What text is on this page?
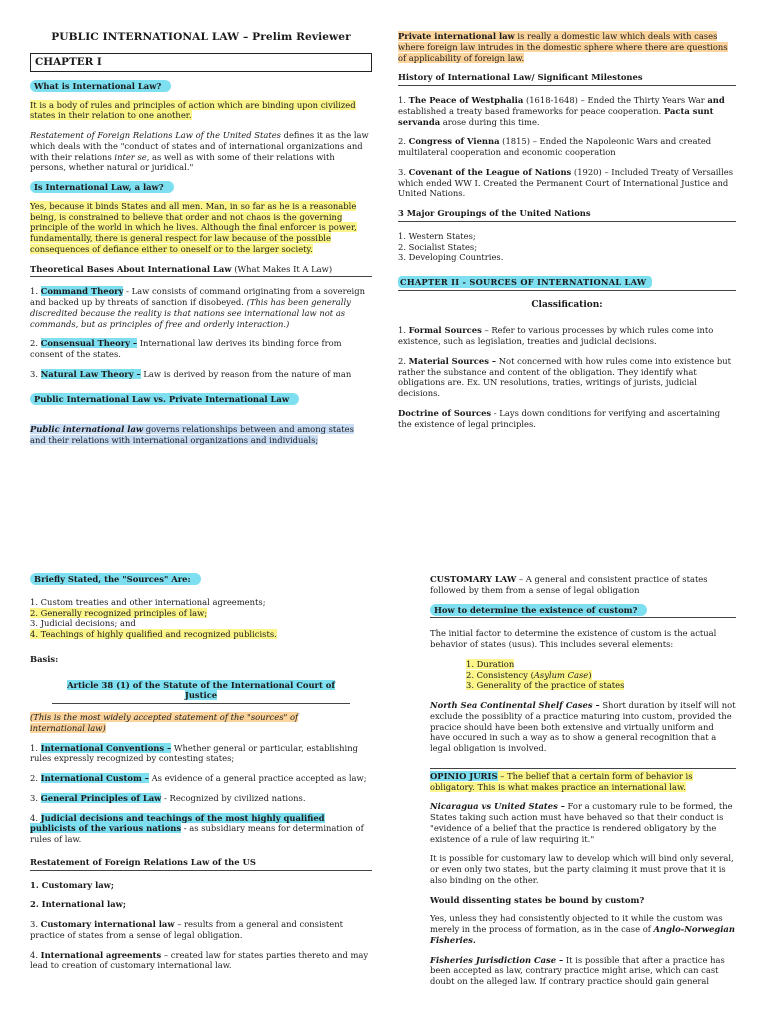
PUBLIC INTERNATIONAL LAW – Prelim Reviewer
CHAPTER I
What is International Law?

It is a body of rules and principles of action which are binding upon civilized states in their relation to one another.

Restatement of Foreign Relations Law of the United States defines it as the law which deals with the "conduct of states and of international organizations and with their relations inter se, as well as with some of their relations with persons, whether natural or juridical."

Is International Law, a law?

Yes, because it binds States and all men. Man, in so far as he is a reasonable being, is constrained to believe that order and not chaos is the governing principle of the world in which he lives. Although the final enforcer is power, fundamentally, there is general respect for law because of the possible consequences of defiance either to oneself or to the larger society.

Theoretical Bases About International Law (What Makes It A Law)

1. Command Theory - Law consists of command originating from a sovereign and backed up by threats of sanction if disobeyed. (This has been generally discredited because the reality is that nations see international law not as commands, but as principles of free and orderly interaction.)

2. Consensual Theory – International law derives its binding force from consent of the states.

3. Natural Law Theory – Law is derived by reason from the nature of man

Public International Law vs. Private International Law

Public international law governs relationships between and among states and their relations with international organizations and individuals;

Private international law is really a domestic law which deals with cases where foreign law intrudes in the domestic sphere where there are questions of applicability of foreign law.

History of International Law/ Significant Milestones

1. The Peace of Westphalia (1618-1648) – Ended the Thirty Years War and established a treaty based frameworks for peace cooperation. Pacta sunt servanda arose during this time.

2. Congress of Vienna (1815) – Ended the Napoleonic Wars and created multilateral cooperation and economic cooperation

3. Covenant of the League of Nations (1920) – Included Treaty of Versailles which ended WW I. Created the Permanent Court of International Justice and United Nations.

3 Major Groupings of the United Nations
1. Western States;
2. Socialist States;
3. Developing Countries.
CHAPTER II - SOURCES OF INTERNATIONAL LAW
Classification:

1. Formal Sources – Refer to various processes by which rules come into existence, such as legislation, treaties and judicial decisions.

2. Material Sources – Not concerned with how rules come into existence but rather the substance and content of the obligation. They identify what obligations are. Ex. UN resolutions, traties, writings of jurists, judicial decisions.

Doctrine of Sources - Lays down conditions for verifying and ascertaining the existence of legal principles.

Briefly Stated, the "Sources" Are:
1. Custom treaties and other international agreements;
2. Generally recognized principles of law;
3. Judicial decisions; and
4. Teachings of highly qualified and recognized publicists.
Basis:
Article 38 (1) of the Statute of the International Court of Justice

(This is the most widely accepted statement of the "sources" of international law)

1. International Conventions – Whether general or particular, establishing rules expressly recognized by contesting states;

2. International Custom – As evidence of a general practice accepted as law;

3. General Principles of Law - Recognized by civilized nations.

4. Judicial decisions and teachings of the most highly qualified publicists of the various nations - as subsidiary means for determination of rules of law.

Restatement of Foreign Relations Law of the US

1. Customary law;

2. International law;

3. Customary international law – results from a general and consistent practice of states from a sense of legal obligation.

4. International agreements – created law for states parties thereto and may lead to creation of customary international law.

CUSTOMARY LAW – A general and consistent practice of states followed by them from a sense of legal obligation

How to determine the existence of custom?

The initial factor to determine the existence of custom is the actual behavior of states (usus). This includes several elements:

1. Duration
2. Consistency (Asylum Case)
3. Generality of the practice of states

North Sea Continental Shelf Cases – Short duration by itself will not exclude the possiblity of a practice maturing into custom, provided the pracice should have been both extensive and virtually uniform and have occured in such a way as to show a general recognition that a legal obligation is involved.

OPINIO JURIS – The belief that a certain form of behavior is obligatory. This is what makes practice an international law.

Nicaragua vs United States – For a customary rule to be formed, the States taking such action must have behaved so that their conduct is "evidence of a belief that the practice is rendered obligatory by the existence of a rule of law requiring it."

It is possible for customary law to develop which will bind only several, or even only two states, but the party claiming it must prove that it is also binding on the other.

Would dissenting states be bound by custom?

Yes, unless they had consistently objected to it while the custom was merely in the process of formation, as in the case of Anglo-Norwegian Fisheries.

Fisheries Jurisdiction Case – It is possible that after a practice has been accepted as law, contrary practice might arise, which can cast doubt on the alleged law. If contrary practice should gain general
